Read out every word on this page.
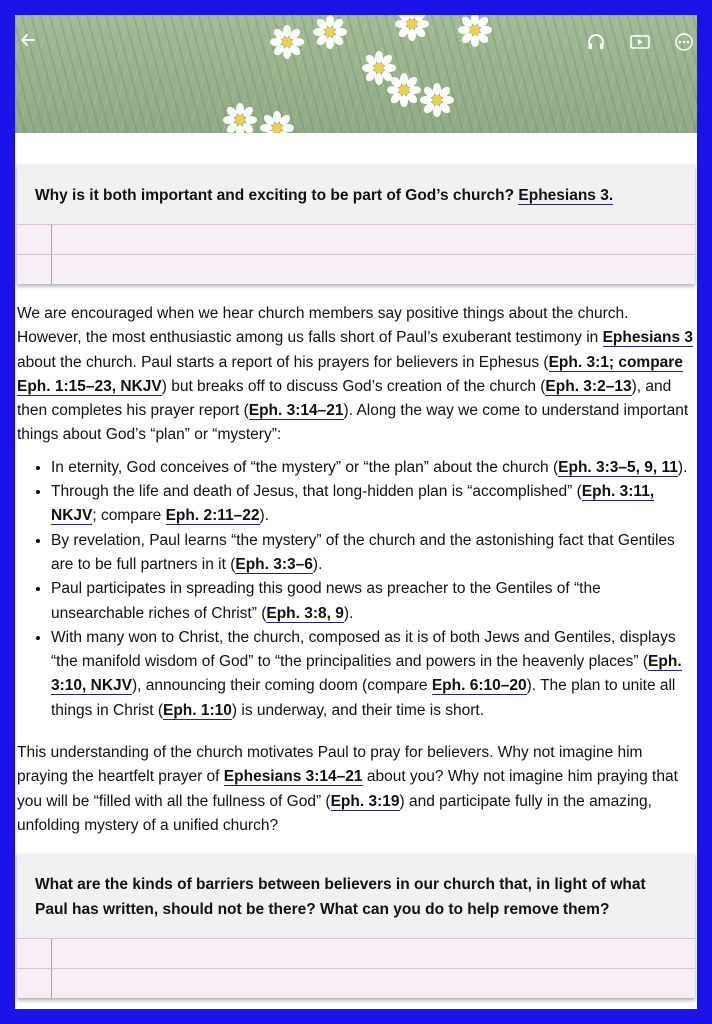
Why is it both important and exciting to be part of God’s church? Ephesians 3.
We are encouraged when we hear church members say positive things about the church. However, the most enthusiastic among us falls short of Paul’s exuberant testimony in Ephesians 3 about the church. Paul starts a report of his prayers for believers in Ephesus (Eph. 3:1; compare Eph. 1:15–23, NKJV) but breaks off to discuss God’s creation of the church (Eph. 3:2–13), and then completes his prayer report (Eph. 3:14–21). Along the way we come to understand important things about God’s “plan” or “mystery”:
• In eternity, God conceives of “the mystery” or “the plan” about the church (Eph. 3:3–5, 9, 11).
• Through the life and death of Jesus, that long-hidden plan is “accomplished” (Eph. 3:11, NKJV; compare Eph. 2:11–22).
• By revelation, Paul learns “the mystery” of the church and the astonishing fact that Gentiles are to be full partners in it (Eph. 3:3–6).
• Paul participates in spreading this good news as preacher to the Gentiles of “the unsearchable riches of Christ” (Eph. 3:8, 9).
• With many won to Christ, the church, composed as it is of both Jews and Gentiles, displays “the manifold wisdom of God” to “the principalities and powers in the heavenly places” (Eph. 3:10, NKJV), announcing their coming doom (compare Eph. 6:10–20). The plan to unite all things in Christ (Eph. 1:10) is underway, and their time is short.
This understanding of the church motivates Paul to pray for believers. Why not imagine him praying the heartfelt prayer of Ephesians 3:14–21 about you? Why not imagine him praying that you will be “filled with all the fullness of God” (Eph. 3:19) and participate fully in the amazing, unfolding mystery of a unified church?
What are the kinds of barriers between believers in our church that, in light of what Paul has written, should not be there? What can you do to help remove them?
